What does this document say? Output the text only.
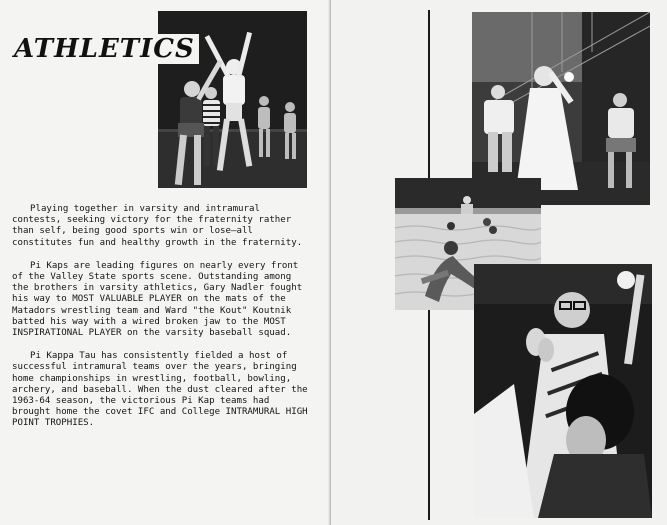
ATHLETICS

Playing together in varsity and intramural contests, seeking victory for the fraternity rather than self, being good sports win or lose—all constitutes fun and healthy growth in the fraternity.

Pi Kaps are leading figures on nearly every front of the Valley State sports scene. Outstanding among the brothers in varsity athletics, Gary Nadler fought his way to MOST VALUABLE PLAYER on the mats of the Matadors wrestling team and Ward "the Kout" Koutnik batted his way with a wired broken jaw to the MOST INSPIRATIONAL PLAYER on the varsity baseball squad.

Pi Kappa Tau has consistently fielded a host of successful intramural teams over the years, bringing home championships in wrestling, football, bowling, archery, and baseball. When the dust cleared after the 1963-64 season, the victorious Pi Kap teams had brought home the covet IFC and College INTRAMURAL HIGH POINT TROPHIES.
